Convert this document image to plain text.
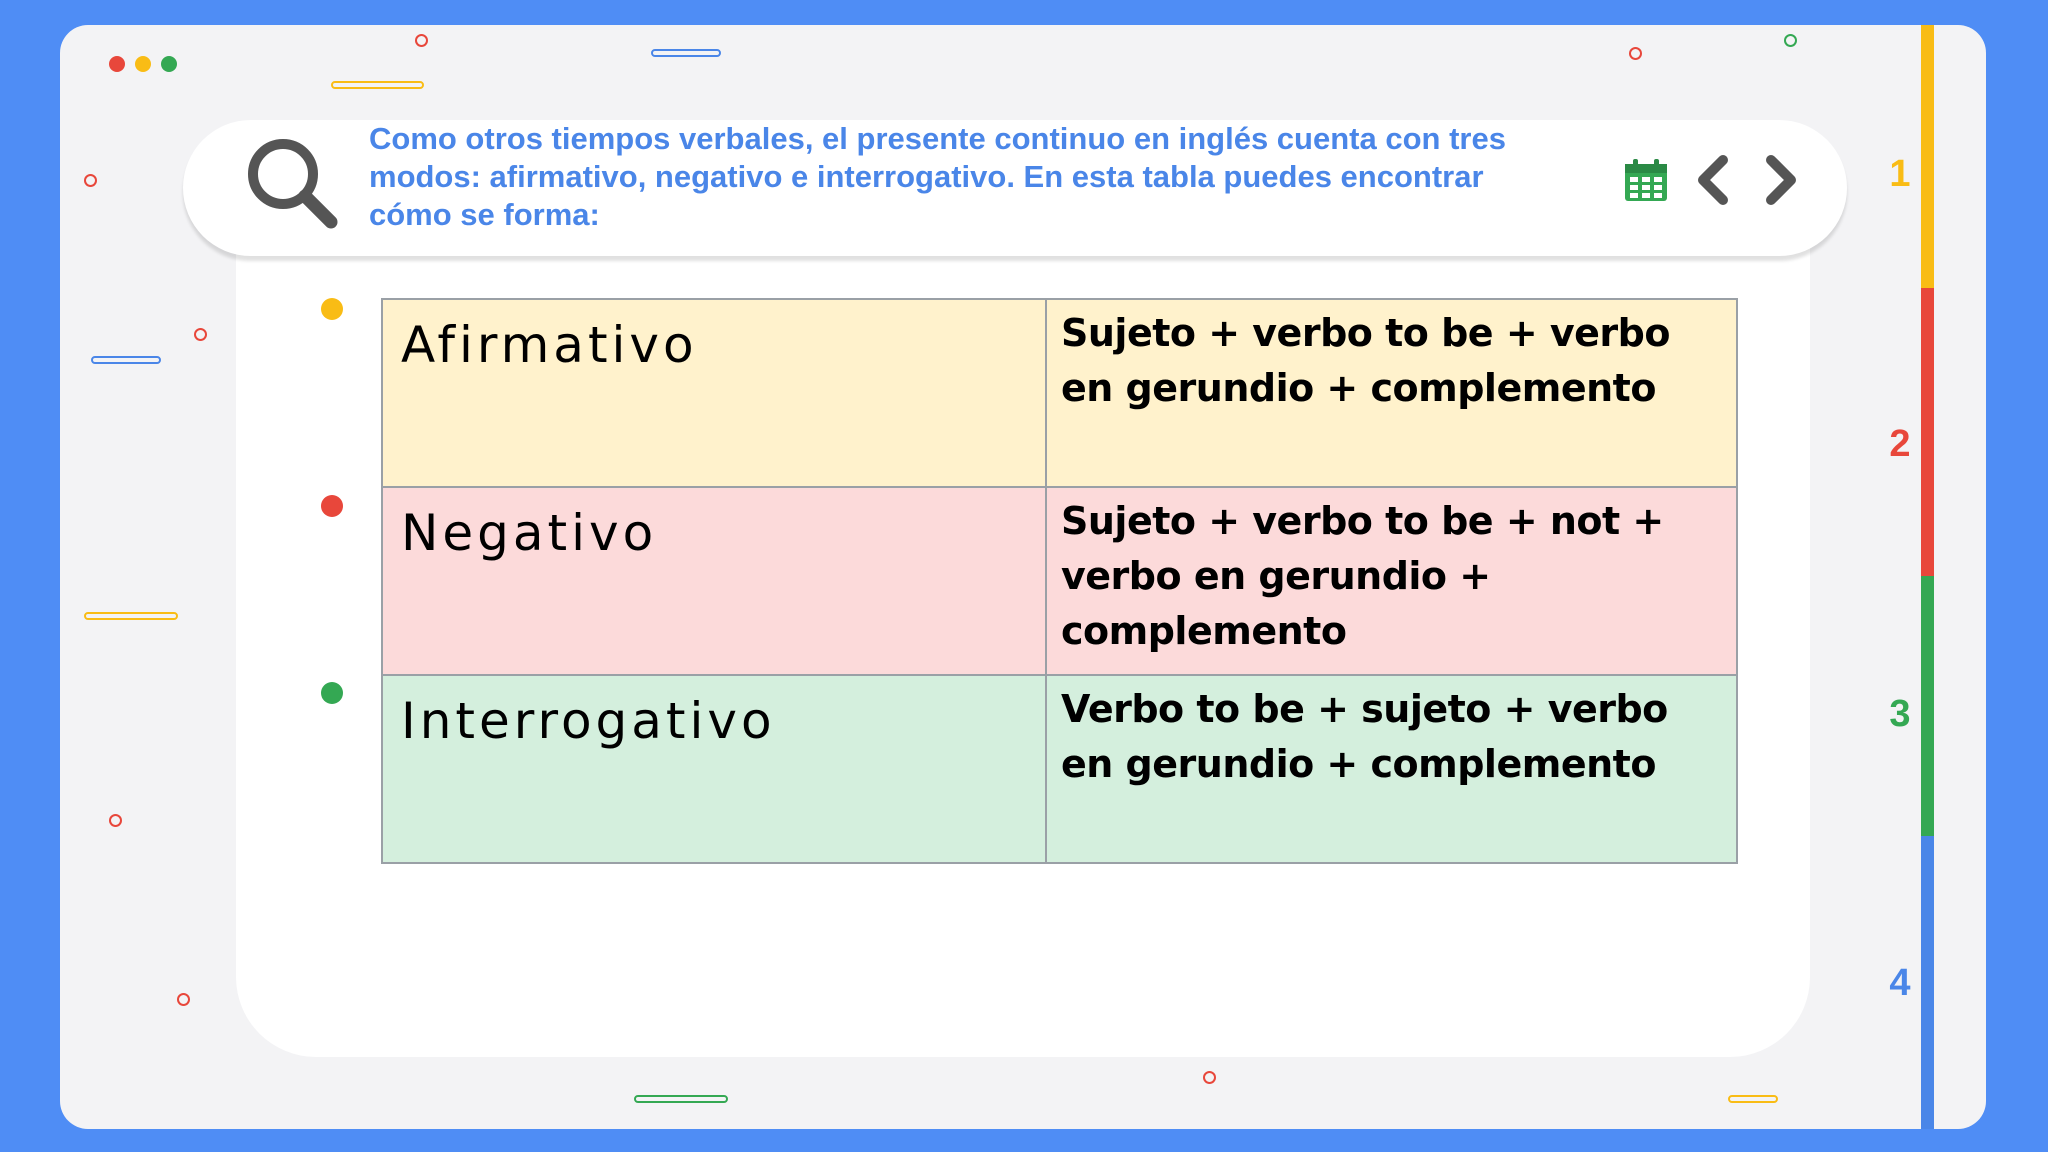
1
2
3
4
Como otros tiempos verbales, el presente continuo en inglés cuenta con tres modos: afirmativo, negativo e interrogativo. En esta tabla puedes encontrar cómo se forma:
Afirmativo	Sujeto + verbo to be + verbo en gerundio + complemento
Negativo	Sujeto + verbo to be + not + verbo en gerundio + complemento
Interrogativo	Verbo to be + sujeto + verbo en gerundio + complemento
